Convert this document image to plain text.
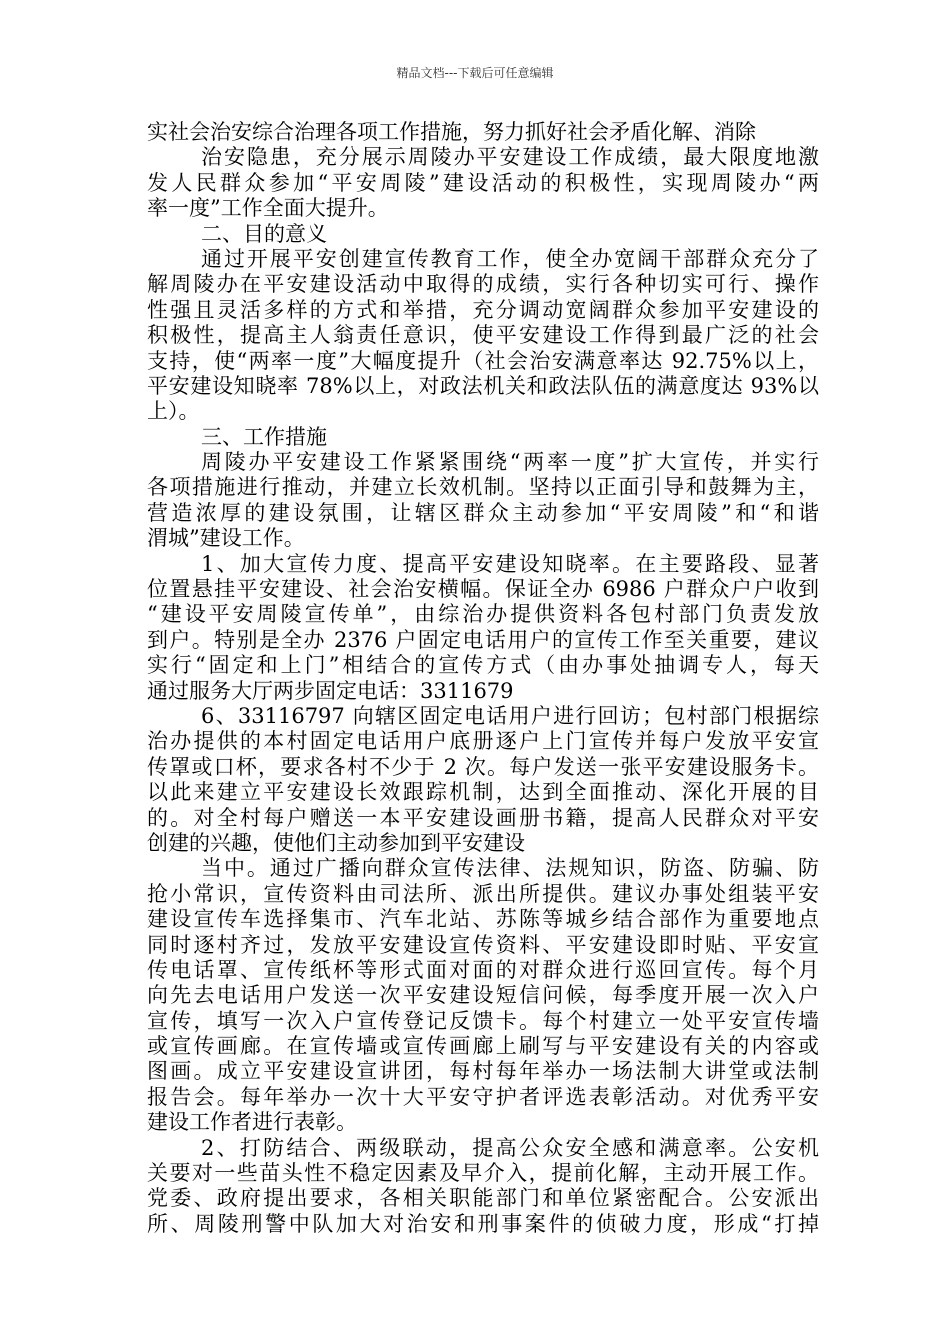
精品文档---下载后可任意编辑
实社会治安综合治理各项工作措施，努力抓好社会矛盾化解、消除
治安隐患，充分展示周陵办平安建设工作成绩，最大限度地激
发人民群众参加“平安周陵”建设活动的积极性，实现周陵办“两
率一度”工作全面大提升。
二、目的意义
通过开展平安创建宣传教育工作，使全办宽阔干部群众充分了
解周陵办在平安建设活动中取得的成绩，实行各种切实可行、操作
性强且灵活多样的方式和举措，充分调动宽阔群众参加平安建设的
积极性，提高主人翁责任意识，使平安建设工作得到最广泛的社会
支持，使“两率一度”大幅度提升（社会治安满意率达 92.75%以上，
平安建设知晓率 78%以上，对政法机关和政法队伍的满意度达 93%以
上）。
三、工作措施
周陵办平安建设工作紧紧围绕“两率一度”扩大宣传，并实行
各项措施进行推动，并建立长效机制。坚持以正面引导和鼓舞为主，
营造浓厚的建设氛围，让辖区群众主动参加“平安周陵”和“和谐
渭城”建设工作。
1、加大宣传力度、提高平安建设知晓率。在主要路段、显著
位置悬挂平安建设、社会治安横幅。保证全办 6986 户群众户户收到
“建设平安周陵宣传单”，由综治办提供资料各包村部门负责发放
到户。特别是全办 2376 户固定电话用户的宣传工作至关重要，建议
实行“固定和上门”相结合的宣传方式（由办事处抽调专人，每天
通过服务大厅两步固定电话：3311679
6、33116797 向辖区固定电话用户进行回访；包村部门根据综
治办提供的本村固定电话用户底册逐户上门宣传并每户发放平安宣
传罩或口杯，要求各村不少于 2 次。每户发送一张平安建设服务卡。
以此来建立平安建设长效跟踪机制，达到全面推动、深化开展的目
的。对全村每户赠送一本平安建设画册书籍，提高人民群众对平安
创建的兴趣，使他们主动参加到平安建设
当中。通过广播向群众宣传法律、法规知识，防盗、防骗、防
抢小常识，宣传资料由司法所、派出所提供。建议办事处组装平安
建设宣传车选择集市、汽车北站、苏陈等城乡结合部作为重要地点
同时逐村齐过，发放平安建设宣传资料、平安建设即时贴、平安宣
传电话罩、宣传纸杯等形式面对面的对群众进行巡回宣传。每个月
向先去电话用户发送一次平安建设短信问候，每季度开展一次入户
宣传，填写一次入户宣传登记反馈卡。每个村建立一处平安宣传墙
或宣传画廊。在宣传墙或宣传画廊上刷写与平安建设有关的内容或
图画。成立平安建设宣讲团，每村每年举办一场法制大讲堂或法制
报告会。每年举办一次十大平安守护者评选表彰活动。对优秀平安
建设工作者进行表彰。
2、打防结合、两级联动，提高公众安全感和满意率。公安机
关要对一些苗头性不稳定因素及早介入，提前化解，主动开展工作。
党委、政府提出要求，各相关职能部门和单位紧密配合。公安派出
所、周陵刑警中队加大对治安和刑事案件的侦破力度，形成“打掉
